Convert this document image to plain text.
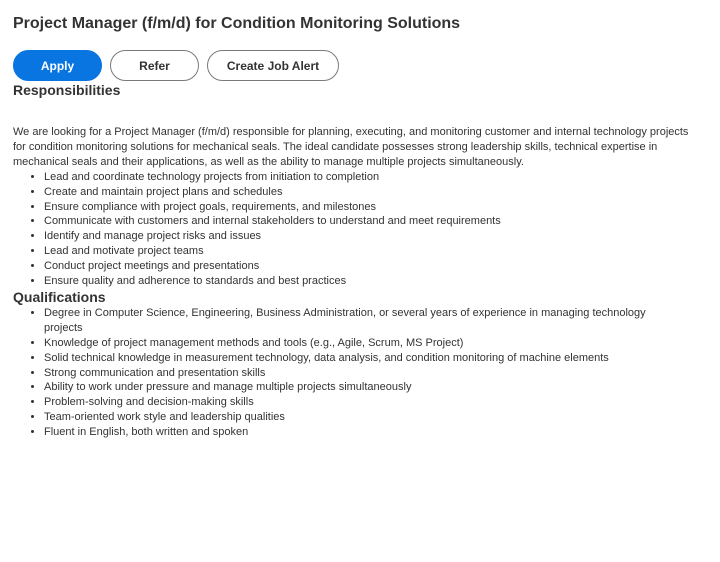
Project Manager (f/m/d) for Condition Monitoring Solutions
Apply	Refer	Create Job Alert
Responsibilities

We are looking for a Project Manager (f/m/d) responsible for planning, executing, and monitoring customer and internal technology projects for condition monitoring solutions for mechanical seals. The ideal candidate possesses strong leadership skills, technical expertise in mechanical seals and their applications, as well as the ability to manage multiple projects simultaneously.

• Lead and coordinate technology projects from initiation to completion
• Create and maintain project plans and schedules
• Ensure compliance with project goals, requirements, and milestones
• Communicate with customers and internal stakeholders to understand and meet requirements
• Identify and manage project risks and issues
• Lead and motivate project teams
• Conduct project meetings and presentations
• Ensure quality and adherence to standards and best practices
Qualifications
• Degree in Computer Science, Engineering, Business Administration, or several years of experience in managing technology projects
• Knowledge of project management methods and tools (e.g., Agile, Scrum, MS Project)
• Solid technical knowledge in measurement technology, data analysis, and condition monitoring of machine elements
• Strong communication and presentation skills
• Ability to work under pressure and manage multiple projects simultaneously
• Problem-solving and decision-making skills
• Team-oriented work style and leadership qualities
• Fluent in English, both written and spoken
